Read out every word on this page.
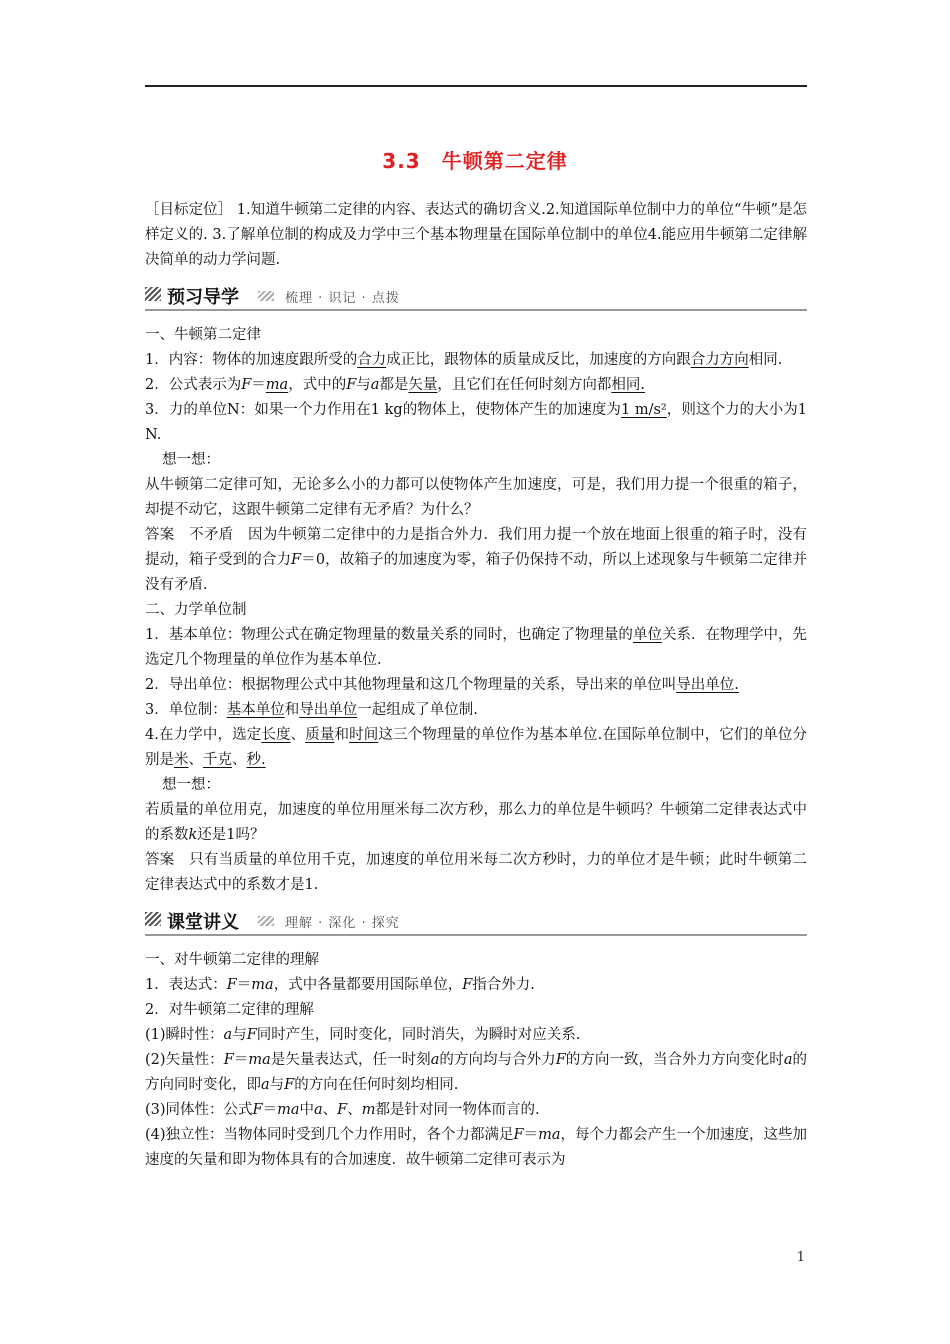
3.3　牛顿第二定律

［目标定位］ 1.知道牛顿第二定律的内容、表达式的确切含义.2.知道国际单位制中力的单位“牛顿”是怎样定义的. 3.了解单位制的构成及力学中三个基本物理量在国际单位制中的单位4.能应用牛顿第二定律解决简单的动力学问题.

预习导学	梳理 · 识记 · 点拨

一、牛顿第二定律

1．内容：物体的加速度跟所受的合力成正比，跟物体的质量成反比，加速度的方向跟合力方向相同.

2．公式表示为F＝ma，式中的F与a都是矢量，且它们在任何时刻方向都相同.

3．力的单位N：如果一个力作用在1 kg的物体上，使物体产生的加速度为1 m/s²，则这个力的大小为1 N.

想一想：

从牛顿第二定律可知，无论多么小的力都可以使物体产生加速度，可是，我们用力提一个很重的箱子，却提不动它，这跟牛顿第二定律有无矛盾？为什么？

答案　不矛盾　因为牛顿第二定律中的力是指合外力．我们用力提一个放在地面上很重的箱子时，没有提动，箱子受到的合力F＝0，故箱子的加速度为零，箱子仍保持不动，所以上述现象与牛顿第二定律并没有矛盾.

二、力学单位制

1．基本单位：物理公式在确定物理量的数量关系的同时，也确定了物理量的单位关系．在物理学中，先选定几个物理量的单位作为基本单位.

2．导出单位：根据物理公式中其他物理量和这几个物理量的关系，导出来的单位叫导出单位.

3．单位制：基本单位和导出单位一起组成了单位制.

4.在力学中，选定长度、质量和时间这三个物理量的单位作为基本单位.在国际单位制中，它们的单位分别是米、千克、秒.

想一想：

若质量的单位用克，加速度的单位用厘米每二次方秒，那么力的单位是牛顿吗？牛顿第二定律表达式中的系数k还是1吗？

答案　只有当质量的单位用千克，加速度的单位用米每二次方秒时，力的单位才是牛顿；此时牛顿第二定律表达式中的系数才是1.

课堂讲义	理解 · 深化 · 探究

一、对牛顿第二定律的理解

1．表达式：F＝ma，式中各量都要用国际单位，F指合外力.

2．对牛顿第二定律的理解

(1)瞬时性：a与F同时产生，同时变化，同时消失，为瞬时对应关系.

(2)矢量性：F＝ma是矢量表达式，任一时刻a的方向均与合外力F的方向一致，当合外力方向变化时a的方向同时变化，即a与F的方向在任何时刻均相同.

(3)同体性：公式F＝ma中a、F、m都是针对同一物体而言的.

(4)独立性：当物体同时受到几个力作用时，各个力都满足F＝ma，每个力都会产生一个加速度，这些加速度的矢量和即为物体具有的合加速度．故牛顿第二定律可表示为

1
